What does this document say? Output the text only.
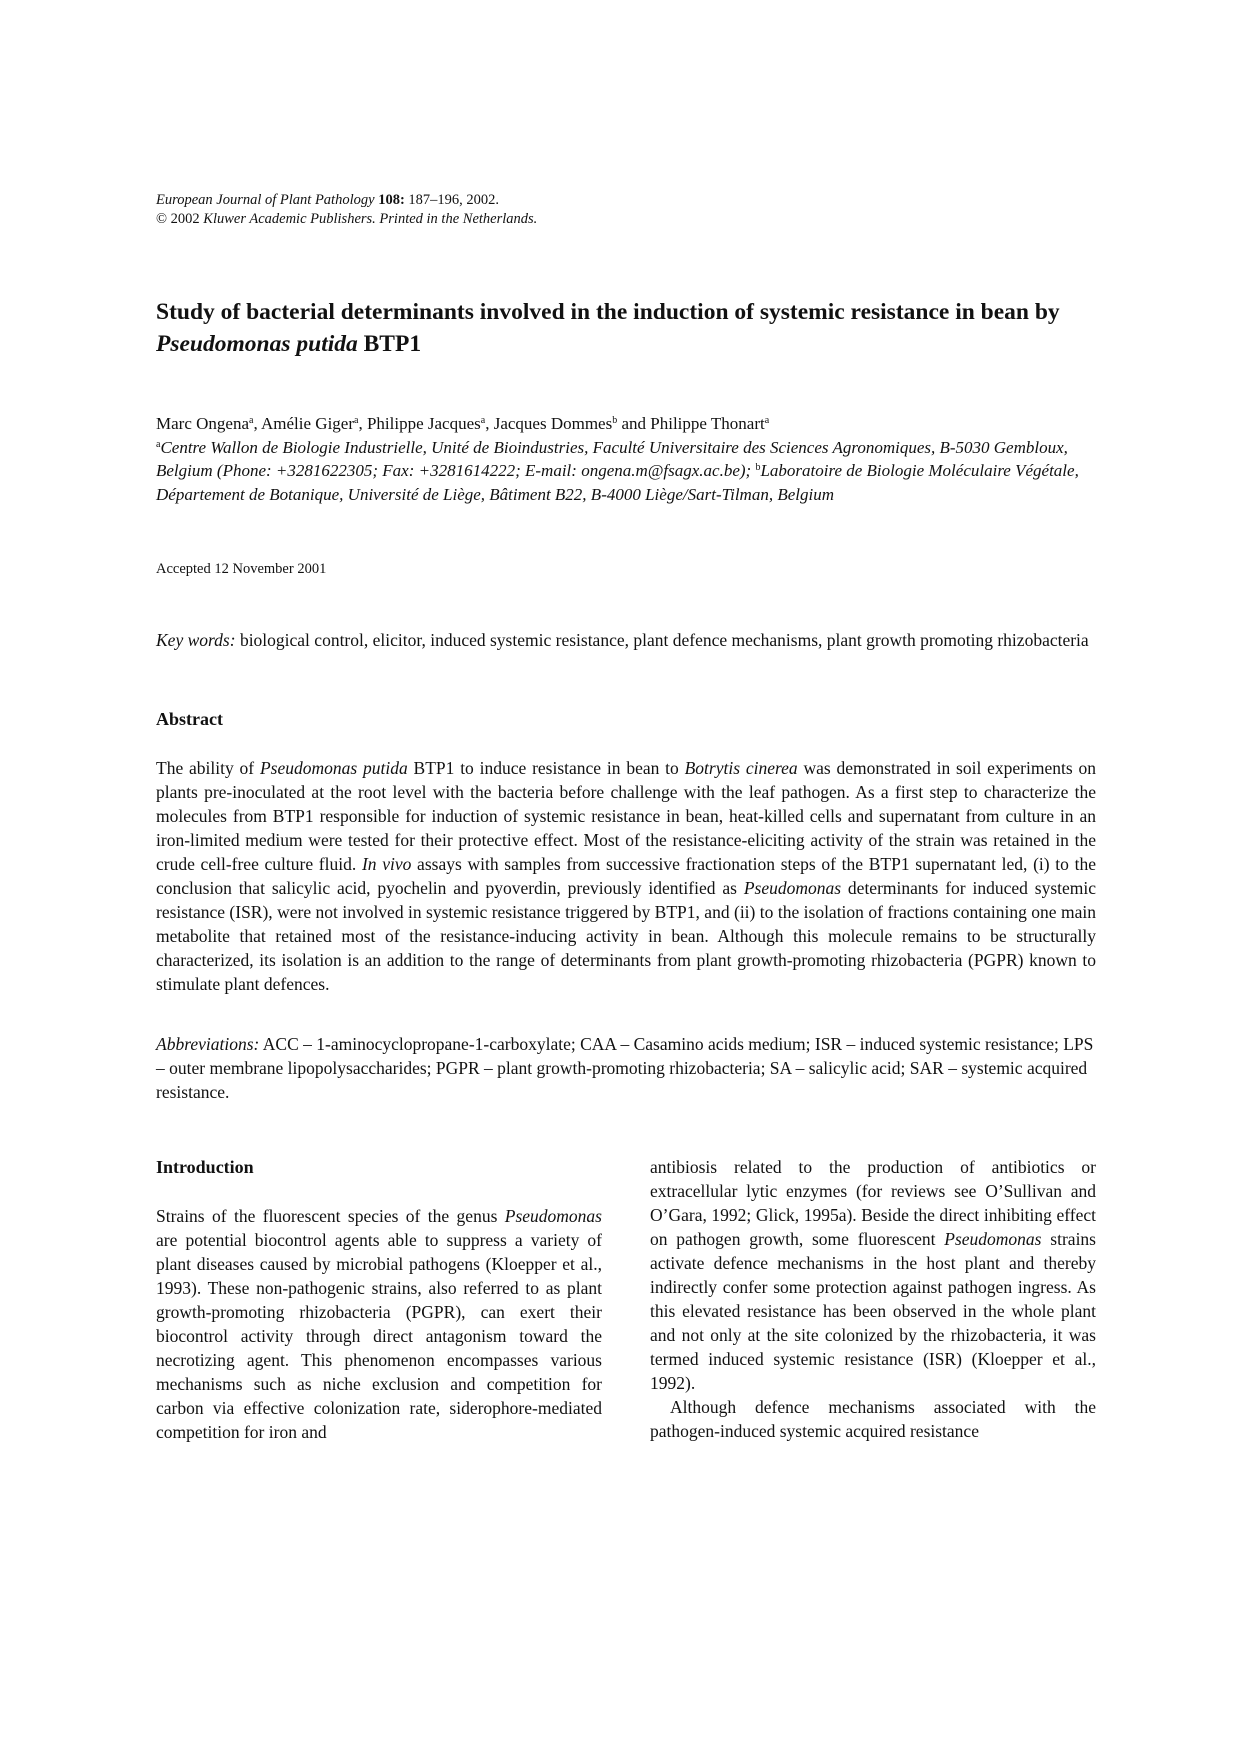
European Journal of Plant Pathology 108: 187–196, 2002.
© 2002 Kluwer Academic Publishers. Printed in the Netherlands.
Study of bacterial determinants involved in the induction of systemic resistance in bean by Pseudomonas putida BTP1
Marc Ongena$^a$, Amélie Giger$^a$, Philippe Jacques$^a$, Jacques Dommes$^b$ and Philippe Thonart$^a$
$^a$Centre Wallon de Biologie Industrielle, Unité de Bioindustries, Faculté Universitaire des Sciences Agronomiques, B-5030 Gembloux, Belgium (Phone: +3281622305; Fax: +3281614222; E-mail: ongena.m@fsagx.ac.be); $^b$Laboratoire de Biologie Moléculaire Végétale, Département de Botanique, Université de Liège, Bâtiment B22, B-4000 Liège/Sart-Tilman, Belgium
Accepted 12 November 2001

Key words: biological control, elicitor, induced systemic resistance, plant defence mechanisms, plant growth promoting rhizobacteria

Abstract

The ability of Pseudomonas putida BTP1 to induce resistance in bean to Botrytis cinerea was demonstrated in soil experiments on plants pre-inoculated at the root level with the bacteria before challenge with the leaf pathogen. As a first step to characterize the molecules from BTP1 responsible for induction of systemic resistance in bean, heat-killed cells and supernatant from culture in an iron-limited medium were tested for their protective effect. Most of the resistance-eliciting activity of the strain was retained in the crude cell-free culture fluid. In vivo assays with samples from successive fractionation steps of the BTP1 supernatant led, (i) to the conclusion that salicylic acid, pyochelin and pyoverdin, previously identified as Pseudomonas determinants for induced systemic resistance (ISR), were not involved in systemic resistance triggered by BTP1, and (ii) to the isolation of fractions containing one main metabolite that retained most of the resistance-inducing activity in bean. Although this molecule remains to be structurally characterized, its isolation is an addition to the range of determinants from plant growth-promoting rhizobacteria (PGPR) known to stimulate plant defences.

Abbreviations: ACC – 1-aminocyclopropane-1-carboxylate; CAA – Casamino acids medium; ISR – induced systemic resistance; LPS – outer membrane lipopolysaccharides; PGPR – plant growth-promoting rhizobacteria; SA – salicylic acid; SAR – systemic acquired resistance.

Introduction

Strains of the fluorescent species of the genus Pseudomonas are potential biocontrol agents able to suppress a variety of plant diseases caused by microbial pathogens (Kloepper et al., 1993). These non-pathogenic strains, also referred to as plant growth-promoting rhizobacteria (PGPR), can exert their biocontrol activity through direct antagonism toward the necrotizing agent. This phenomenon encompasses various mechanisms such as niche exclusion and competition for carbon via effective colonization rate, siderophore-mediated competition for iron and

antibiosis related to the production of antibiotics or extracellular lytic enzymes (for reviews see O’Sullivan and O’Gara, 1992; Glick, 1995a). Beside the direct inhibiting effect on pathogen growth, some fluorescent Pseudomonas strains activate defence mechanisms in the host plant and thereby indirectly confer some protection against pathogen ingress. As this elevated resistance has been observed in the whole plant and not only at the site colonized by the rhizobacteria, it was termed induced systemic resistance (ISR) (Kloepper et al., 1992).

Although defence mechanisms associated with the pathogen-induced systemic acquired resistance
